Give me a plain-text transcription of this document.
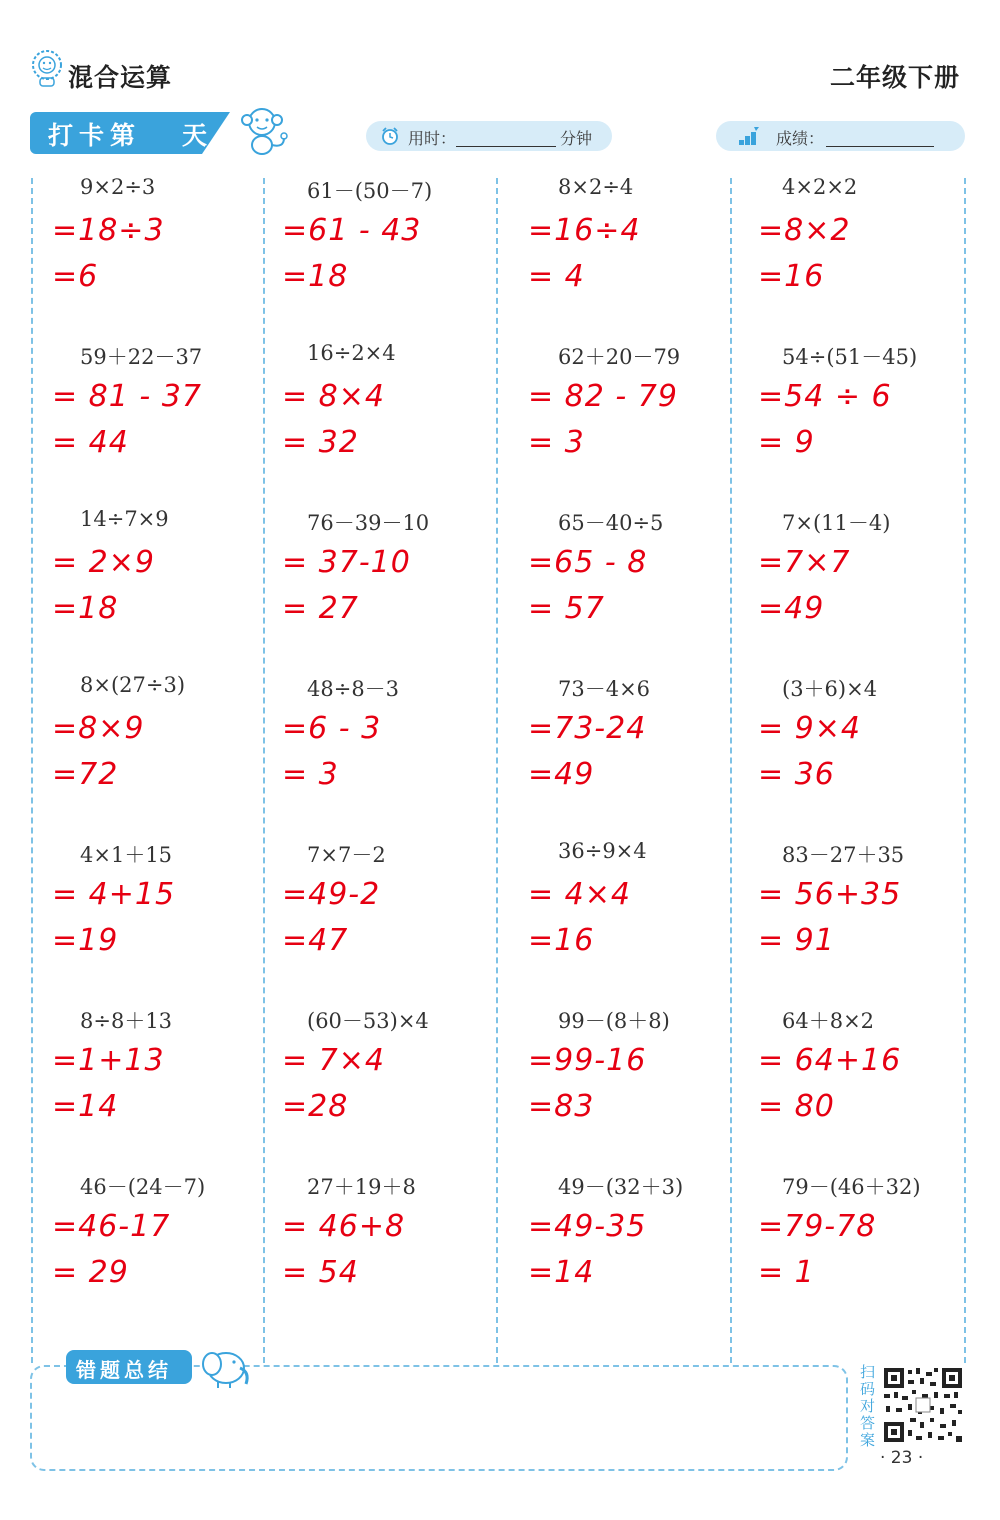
混合运算	二年级下册
打卡第 天	用时：	分钟	成绩：
9×2÷3
=18÷3
=6
61－(50－7)
=61 - 43
=18
8×2÷4
=16÷4
= 4
4×2×2
=8×2
=16
59＋22－37
= 81 - 37
= 44
16÷2×4
= 8×4
= 32
62＋20－79
= 82 - 79
= 3
54÷(51－45)
=54 ÷ 6
= 9
14÷7×9
= 2×9
=18
76－39－10
= 37-10
= 27
65－40÷5
=65 - 8
= 57
7×(11－4)
=7×7
=49
8×(27÷3)
=8×9
=72
48÷8－3
=6 - 3
= 3
73－4×6
=73-24
=49
(3＋6)×4
= 9×4
= 36
4×1＋15
= 4+15
=19
7×7－2
=49-2
=47
36÷9×4
= 4×4
=16
83－27＋35
= 56+35
= 91
8÷8＋13
=1+13
=14
(60－53)×4
= 7×4
=28
99－(8＋8)
=99-16
=83
64＋8×2
= 64+16
= 80
46－(24－7)
=46-17
= 29
27＋19＋8
= 46+8
= 54
49－(32＋3)
=49-35
=14
79－(46＋32)
=79-78
= 1
错题总结	扫码对答案
· 23 ·
